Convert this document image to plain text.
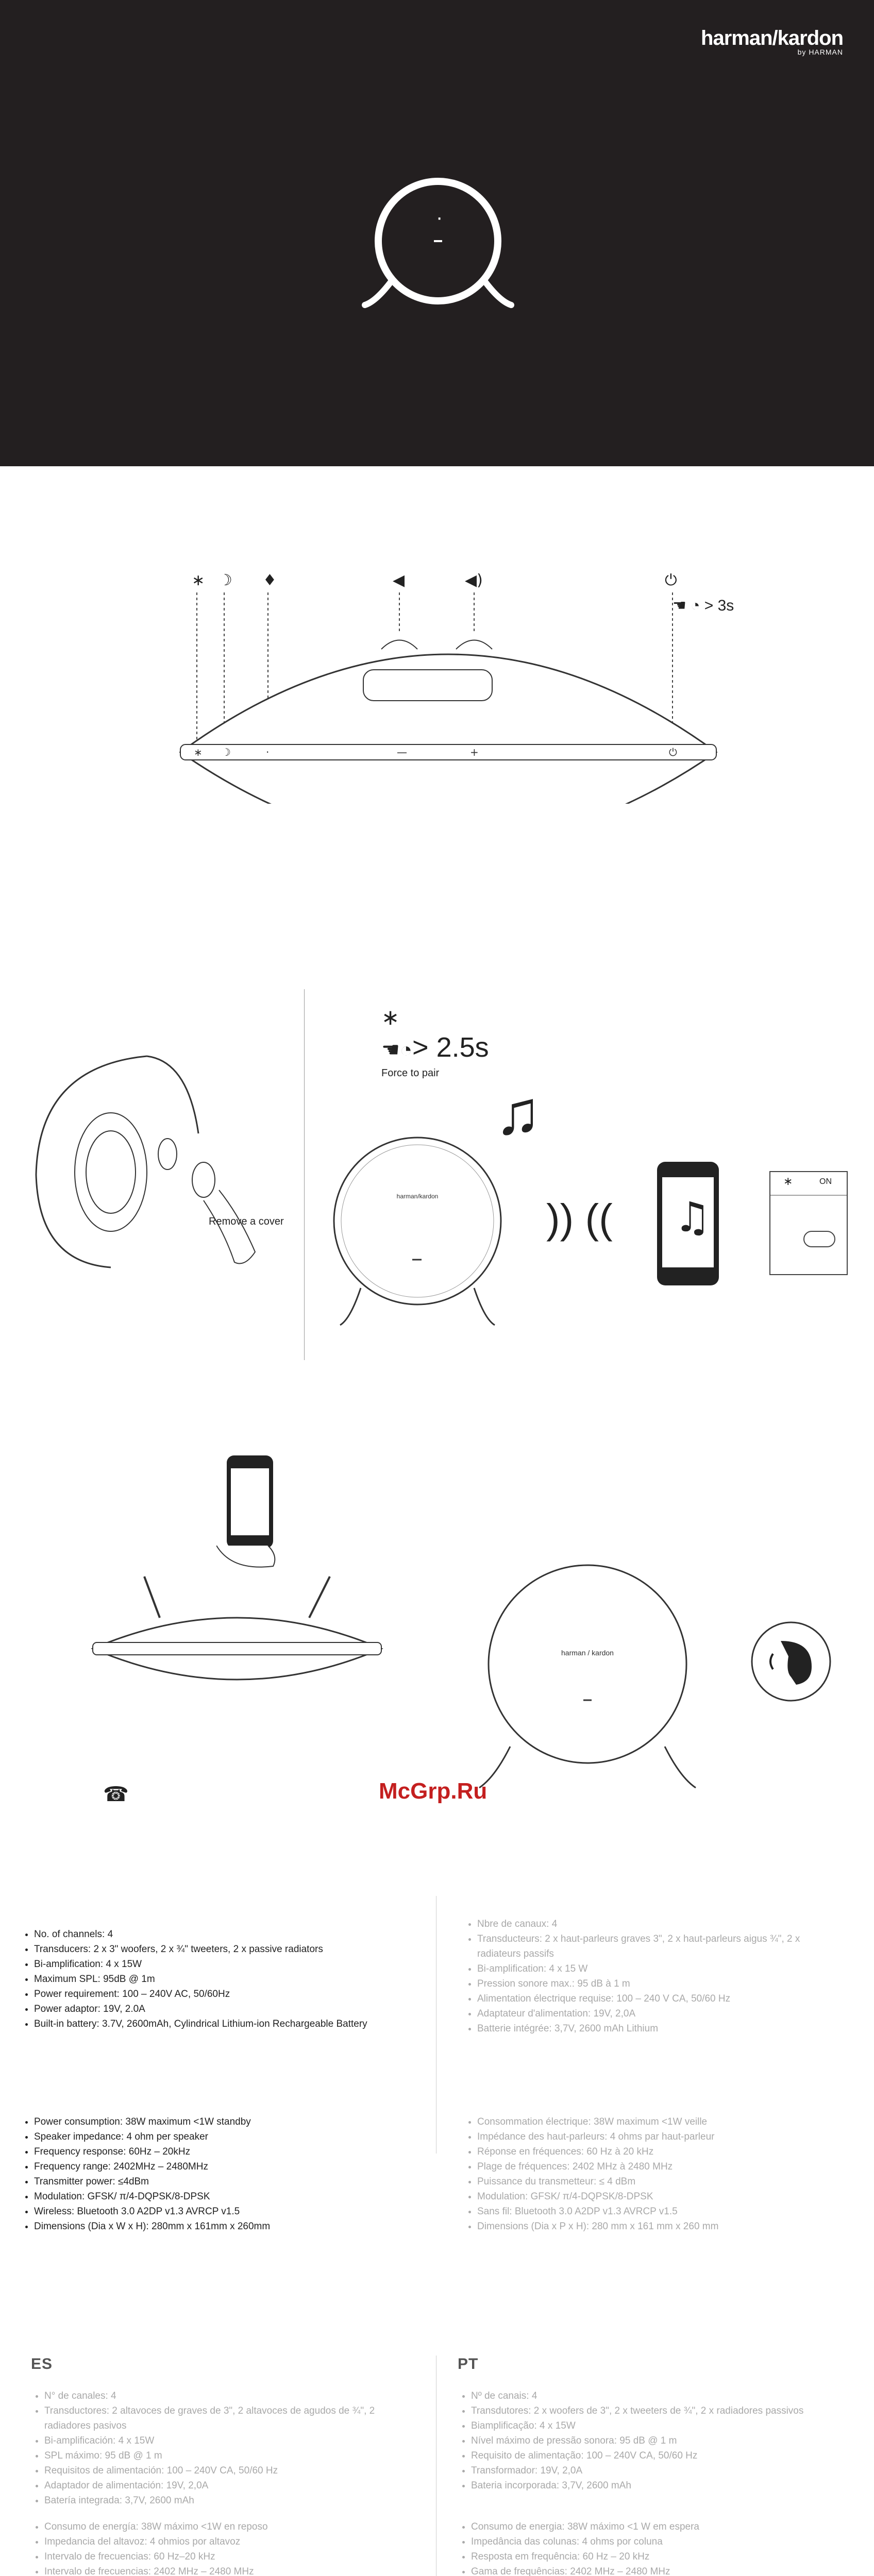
harman/kardon
by HARMAN
·
∗ ☽ ♦	◀	◀)	⏻
∗ ☽	·	—	+	⏻
☚ ◔ > 3s
Remove a cover
∗
☚◔> 2.5s
Force to pair
♫
harman/kardon	)) (( ♫
∗	ON
☎
harman / kardon
McGrp.Ru
• No. of channels: 4
• Transducers: 2 x 3" woofers, 2 x ¾" tweeters, 2 x passive radiators
• Bi-amplification: 4 x 15W
• Maximum SPL: 95dB @ 1m
• Power requirement: 100 – 240V AC, 50/60Hz
• Power adaptor: 19V, 2.0A
• Built-in battery: 3.7V, 2600mAh, Cylindrical Lithium-ion Rechargeable Battery
• Nbre de canaux: 4
• Transducteurs: 2 x haut-parleurs graves 3", 2 x haut-parleurs aigus ¾", 2 x radiateurs passifs
• Bi-amplification: 4 x 15 W
• Pression sonore max.: 95 dB à 1 m
• Alimentation électrique requise: 100 – 240 V CA, 50/60 Hz
• Adaptateur d'alimentation: 19V, 2,0A
• Batterie intégrée: 3,7V, 2600 mAh Lithium
• Power consumption: 38W maximum <1W standby
• Speaker impedance: 4 ohm per speaker
• Frequency response: 60Hz – 20kHz
• Frequency range: 2402MHz – 2480MHz
• Transmitter power: ≤4dBm
• Modulation: GFSK/ π/4-DQPSK/8-DPSK
• Wireless: Bluetooth 3.0 A2DP v1.3 AVRCP v1.5
• Dimensions (Dia x W x H): 280mm x 161mm x 260mm
• Consommation électrique: 38W maximum <1W veille
• Impédance des haut-parleurs: 4 ohms par haut-parleur
• Réponse en fréquences: 60 Hz à 20 kHz
• Plage de fréquences: 2402 MHz à 2480 MHz
• Puissance du transmetteur: ≤ 4 dBm
• Modulation: GFSK/ π/4-DQPSK/8-DPSK
• Sans fil: Bluetooth 3.0 A2DP v1.3 AVRCP v1.5
• Dimensions (Dia x P x H): 280 mm x 161 mm x 260 mm
ES	PT
• N° de canales: 4
• Transductores: 2 altavoces de graves de 3", 2 altavoces de agudos de ¾", 2 radiadores pasivos
• Bi-amplificación: 4 x 15W
• SPL máximo: 95 dB @ 1 m
• Requisitos de alimentación: 100 – 240V CA, 50/60 Hz
• Adaptador de alimentación: 19V, 2,0A
• Batería integrada: 3,7V, 2600 mAh
• Nº de canais: 4
• Transdutores: 2 x woofers de 3", 2 x tweeters de ¾", 2 x radiadores passivos
• Biamplificação: 4 x 15W
• Nível máximo de pressão sonora: 95 dB @ 1 m
• Requisito de alimentação: 100 – 240V CA, 50/60 Hz
• Transformador: 19V, 2,0A
• Bateria incorporada: 3,7V, 2600 mAh
• Consumo de energía: 38W máximo <1W en reposo
• Impedancia del altavoz: 4 ohmios por altavoz
• Intervalo de frecuencias: 60 Hz–20 kHz
• Intervalo de frecuencias: 2402 MHz – 2480 MHz
• Consumo de energia: 38W máximo <1 W em espera
• Impedância das colunas: 4 ohms por coluna
• Resposta em frequência: 60 Hz – 20 kHz
• Gama de frequências: 2402 MHz – 2480 MHz
